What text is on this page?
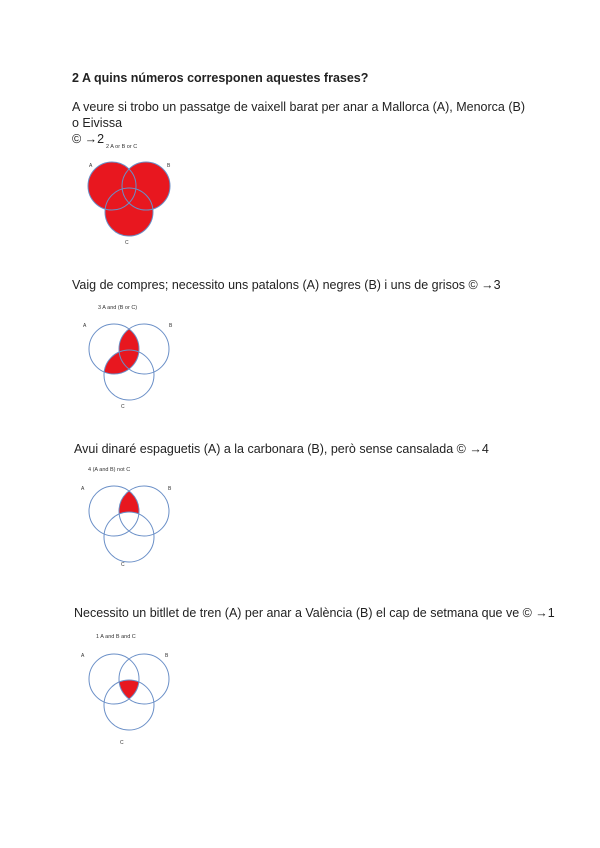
2 A quins números corresponen aquestes frases?
A veure si trobo un passatge de vaixell barat per anar a Mallorca (A), Menorca (B) o Eivissa
© →2
2 A or B or C
A	B
C
Vaig de compres; necessito uns patalons (A) negres (B) i uns de grisos © →3
3 A and (B or C)
A	B
C
Avui dinaré espaguetis (A) a la carbonara (B), però sense cansalada © →4
4 (A and B) not C
A	B
C
Necessito un bitllet de tren (A) per anar a València (B) el cap de setmana que ve © →1
1 A and B and C
A	B
C
